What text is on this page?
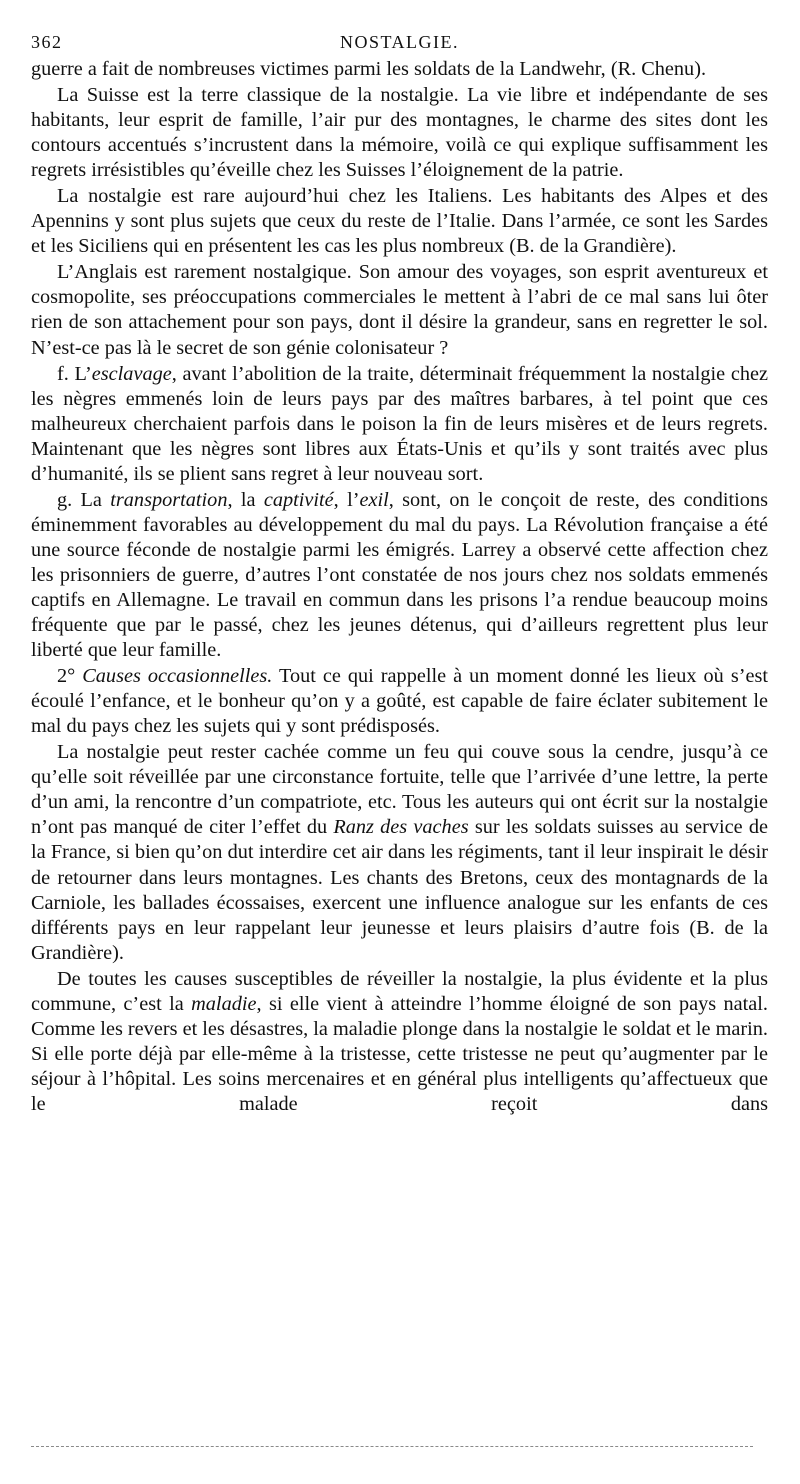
362	NOSTALGIE.

guerre a fait de nombreuses victimes parmi les soldats de la Landwehr, (R. Chenu).

La Suisse est la terre classique de la nostalgie. La vie libre et indépendante de ses habitants, leur esprit de famille, l’air pur des montagnes, le charme des sites dont les contours accentués s’incrustent dans la mémoire, voilà ce qui explique suffisamment les regrets irrésistibles qu’éveille chez les Suisses l’éloignement de la patrie.

La nostalgie est rare aujourd’hui chez les Italiens. Les habitants des Alpes et des Apennins y sont plus sujets que ceux du reste de l’Italie. Dans l’armée, ce sont les Sardes et les Siciliens qui en présentent les cas les plus nombreux (B. de la Grandière).

L’Anglais est rarement nostalgique. Son amour des voyages, son esprit aventureux et cosmopolite, ses préoccupations commerciales le mettent à l’abri de ce mal sans lui ôter rien de son attachement pour son pays, dont il désire la grandeur, sans en regretter le sol. N’est-ce pas là le secret de son génie colonisateur ?

f. L’esclavage, avant l’abolition de la traite, déterminait fréquemment la nostalgie chez les nègres emmenés loin de leurs pays par des maîtres barbares, à tel point que ces malheureux cherchaient parfois dans le poison la fin de leurs misères et de leurs regrets. Maintenant que les nègres sont libres aux États-Unis et qu’ils y sont traités avec plus d’humanité, ils se plient sans regret à leur nouveau sort.

g. La transportation, la captivité, l’exil, sont, on le conçoit de reste, des conditions éminemment favorables au développement du mal du pays. La Révolution française a été une source féconde de nostalgie parmi les émigrés. Larrey a observé cette affection chez les prisonniers de guerre, d’autres l’ont constatée de nos jours chez nos soldats emmenés captifs en Allemagne. Le travail en commun dans les prisons l’a rendue beaucoup moins fréquente que par le passé, chez les jeunes détenus, qui d’ailleurs regrettent plus leur liberté que leur famille.

2° Causes occasionnelles. Tout ce qui rappelle à un moment donné les lieux où s’est écoulé l’enfance, et le bonheur qu’on y a goûté, est capable de faire éclater subitement le mal du pays chez les sujets qui y sont prédisposés.

La nostalgie peut rester cachée comme un feu qui couve sous la cendre, jusqu’à ce qu’elle soit réveillée par une circonstance fortuite, telle que l’arrivée d’une lettre, la perte d’un ami, la rencontre d’un compatriote, etc. Tous les auteurs qui ont écrit sur la nostalgie n’ont pas manqué de citer l’effet du Ranz des vaches sur les soldats suisses au service de la France, si bien qu’on dut interdire cet air dans les régiments, tant il leur inspirait le désir de retourner dans leurs montagnes. Les chants des Bretons, ceux des montagnards de la Carniole, les ballades écossaises, exercent une influence analogue sur les enfants de ces différents pays en leur rappelant leur jeunesse et leurs plaisirs d’autre fois (B. de la Grandière).

De toutes les causes susceptibles de réveiller la nostalgie, la plus évidente et la plus commune, c’est la maladie, si elle vient à atteindre l’homme éloigné de son pays natal. Comme les revers et les désastres, la maladie plonge dans la nostalgie le soldat et le marin. Si elle porte déjà par elle-même à la tristesse, cette tristesse ne peut qu’augmenter par le séjour à l’hôpital. Les soins mercenaires et en général plus intelligents qu’affectueux que le malade reçoit dans
